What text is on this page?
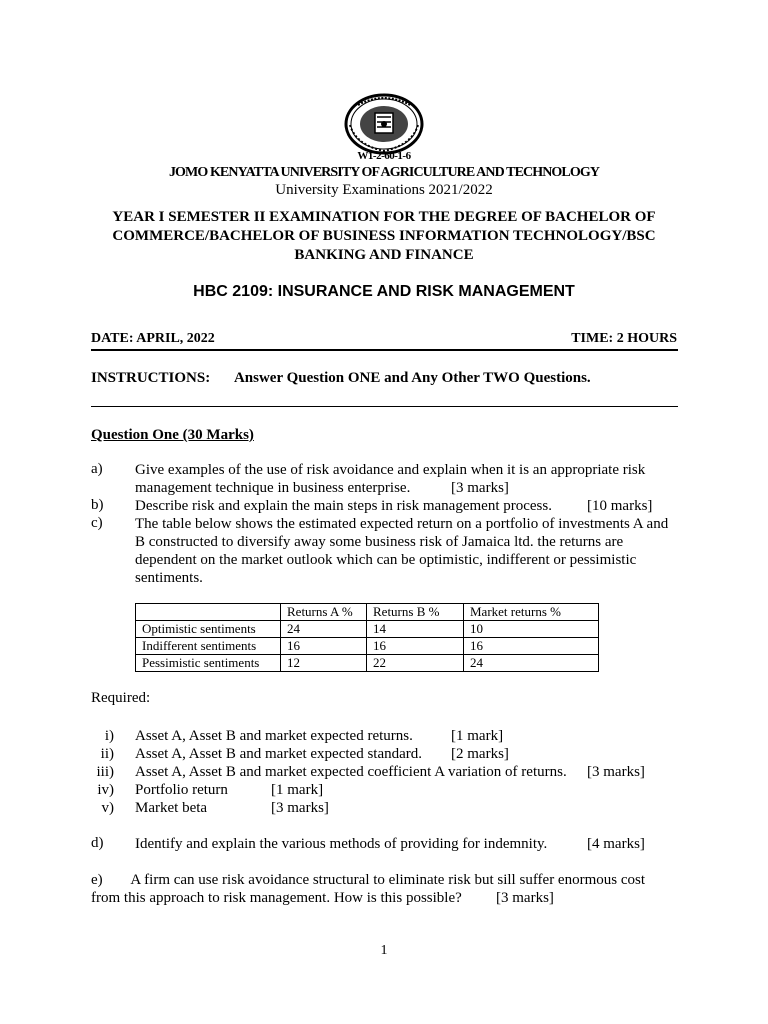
W1-2-60-1-6
JOMO KENYATTA UNIVERSITY OF AGRICULTURE AND TECHNOLOGY
University Examinations 2021/2022
YEAR I SEMESTER II EXAMINATION FOR THE DEGREE OF BACHELOR OF
COMMERCE/BACHELOR OF BUSINESS INFORMATION TECHNOLOGY/BSC
BANKING AND FINANCE
HBC 2109: INSURANCE AND RISK MANAGEMENT
DATE: APRIL, 2022	TIME: 2 HOURS
INSTRUCTIONS: Answer Question ONE and Any Other TWO Questions.
Question One (30 Marks)
a) Give examples of the use of risk avoidance and explain when it is an appropriate risk
management technique in business enterprise.	[3 marks]
b) Describe risk and explain the main steps in risk management process. [10 marks]
c) The table below shows the estimated expected return on a portfolio of investments A and
B constructed to diversify away some business risk of Jamaica ltd. the returns are
dependent on the market outlook which can be optimistic, indifferent or pessimistic
sentiments.
	Returns A %	Returns B %	Market returns %
Optimistic sentiments	24	14	10
Indifferent sentiments	16	16	16
Pessimistic sentiments	12	22	24
Required:
i) Asset A, Asset B and market expected returns.	[1 mark]
ii) Asset A, Asset B and market expected standard. [2 marks]
iii) Asset A, Asset B and market expected coefficient A variation of returns. [3 marks]
iv) Portfolio return	[1 mark]
v) Market beta	[3 marks]
d) Identify and explain the various methods of providing for indemnity.	[4 marks]
e) A firm can use risk avoidance structural to eliminate risk but sill suffer enormous cost
from this approach to risk management. How is this possible? [3 marks]
1
